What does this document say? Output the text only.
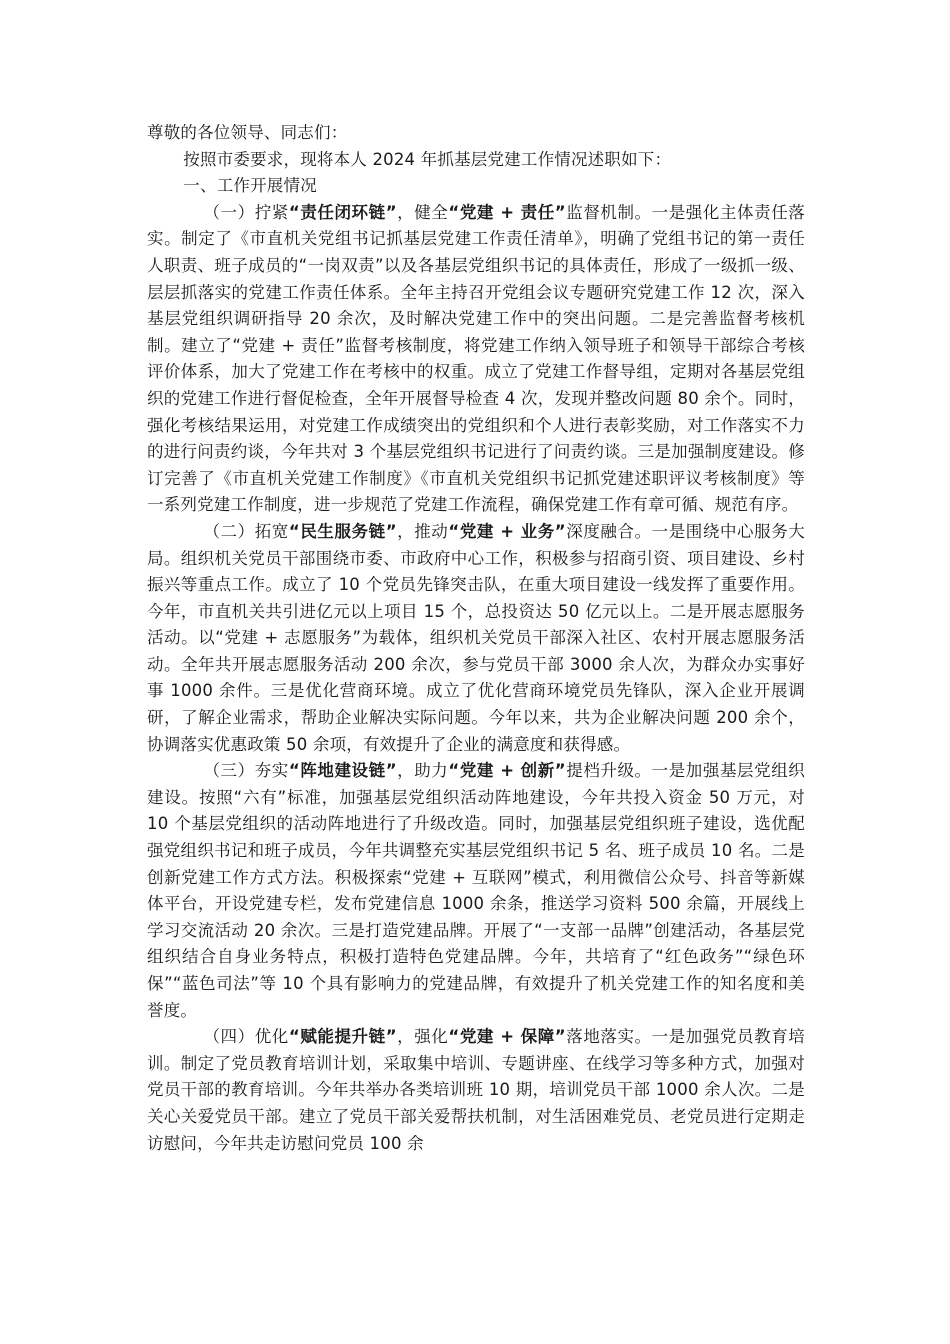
尊敬的各位领导、同志们：

按照市委要求，现将本人 2024 年抓基层党建工作情况述职如下：

一、工作开展情况

（一）拧紧“责任闭环链”，健全“党建 + 责任”监督机制。一是强化主体责任落实。制定了《市直机关党组书记抓基层党建工作责任清单》，明确了党组书记的第一责任人职责、班子成员的“一岗双责”以及各基层党组织书记的具体责任，形成了一级抓一级、层层抓落实的党建工作责任体系。全年主持召开党组会议专题研究党建工作 12 次，深入基层党组织调研指导 20 余次，及时解决党建工作中的突出问题。二是完善监督考核机制。建立了“党建 + 责任”监督考核制度，将党建工作纳入领导班子和领导干部综合考核评价体系，加大了党建工作在考核中的权重。成立了党建工作督导组，定期对各基层党组织的党建工作进行督促检查，全年开展督导检查 4 次，发现并整改问题 80 余个。同时，强化考核结果运用，对党建工作成绩突出的党组织和个人进行表彰奖励，对工作落实不力的进行问责约谈，今年共对 3 个基层党组织书记进行了问责约谈。三是加强制度建设。修订完善了《市直机关党建工作制度》《市直机关党组织书记抓党建述职评议考核制度》等一系列党建工作制度，进一步规范了党建工作流程，确保党建工作有章可循、规范有序。

（二）拓宽“民生服务链”，推动“党建 + 业务”深度融合。一是围绕中心服务大局。组织机关党员干部围绕市委、市政府中心工作，积极参与招商引资、项目建设、乡村振兴等重点工作。成立了 10 个党员先锋突击队，在重大项目建设一线发挥了重要作用。今年，市直机关共引进亿元以上项目 15 个，总投资达 50 亿元以上。二是开展志愿服务活动。以“党建 + 志愿服务”为载体，组织机关党员干部深入社区、农村开展志愿服务活动。全年共开展志愿服务活动 200 余次，参与党员干部 3000 余人次，为群众办实事好事 1000 余件。三是优化营商环境。成立了优化营商环境党员先锋队，深入企业开展调研，了解企业需求，帮助企业解决实际问题。今年以来，共为企业解决问题 200 余个，协调落实优惠政策 50 余项，有效提升了企业的满意度和获得感。

（三）夯实“阵地建设链”，助力“党建 + 创新”提档升级。一是加强基层党组织建设。按照“六有”标准，加强基层党组织活动阵地建设，今年共投入资金 50 万元，对 10 个基层党组织的活动阵地进行了升级改造。同时，加强基层党组织班子建设，选优配强党组织书记和班子成员，今年共调整充实基层党组织书记 5 名、班子成员 10 名。二是创新党建工作方式方法。积极探索“党建 + 互联网”模式，利用微信公众号、抖音等新媒体平台，开设党建专栏，发布党建信息 1000 余条，推送学习资料 500 余篇，开展线上学习交流活动 20 余次。三是打造党建品牌。开展了“一支部一品牌”创建活动，各基层党组织结合自身业务特点，积极打造特色党建品牌。今年，共培育了“红色政务”“绿色环保”“蓝色司法”等 10 个具有影响力的党建品牌，有效提升了机关党建工作的知名度和美誉度。

（四）优化“赋能提升链”，强化“党建 + 保障”落地落实。一是加强党员教育培训。制定了党员教育培训计划，采取集中培训、专题讲座、在线学习等多种方式，加强对党员干部的教育培训。今年共举办各类培训班 10 期，培训党员干部 1000 余人次。二是关心关爱党员干部。建立了党员干部关爱帮扶机制，对生活困难党员、老党员进行定期走访慰问，今年共走访慰问党员 100 余
